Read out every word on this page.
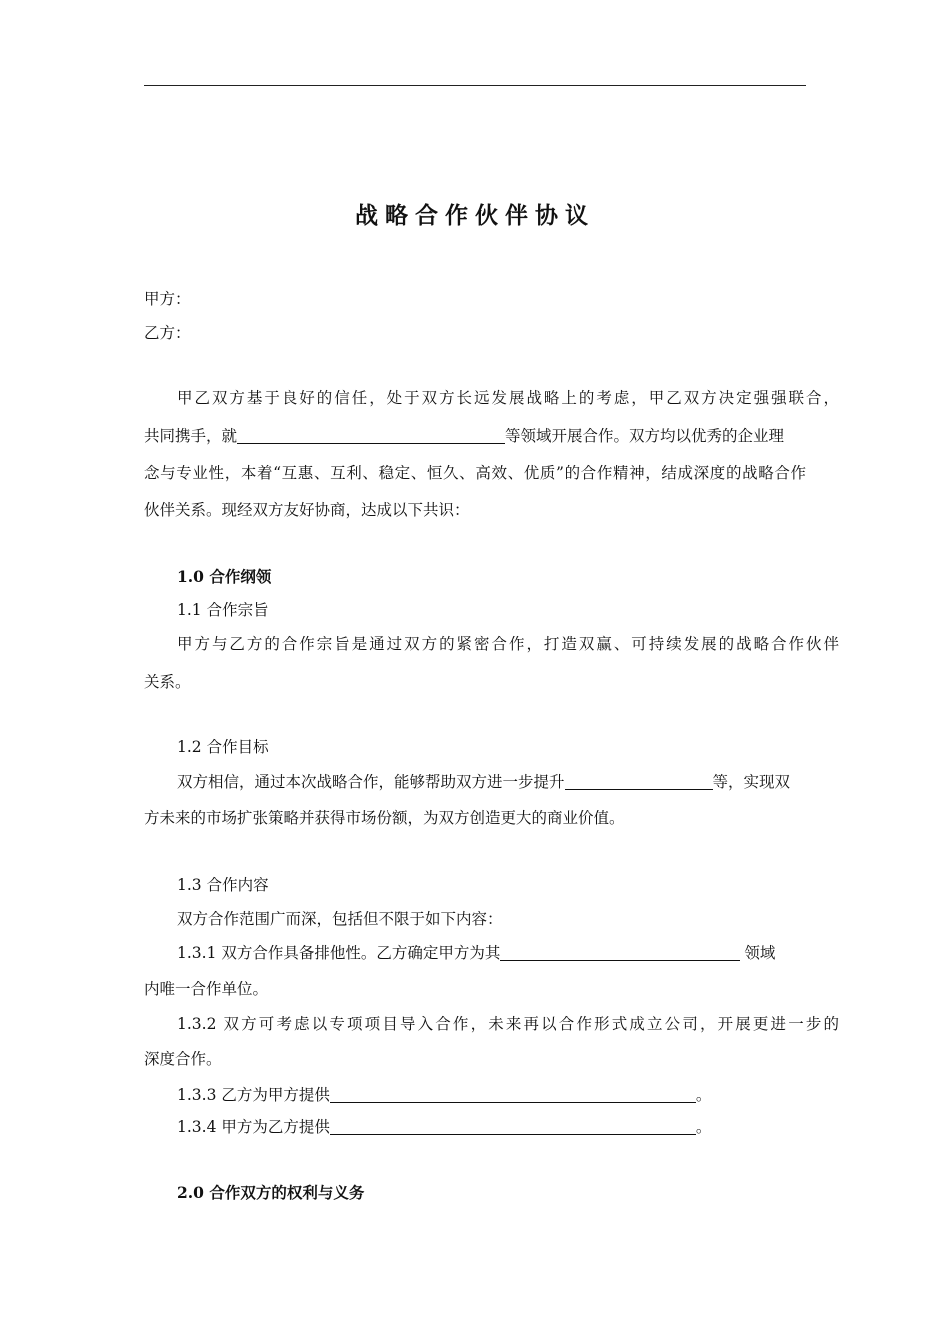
战略合作伙伴协议
甲方：
乙方：
甲乙双方基于良好的信任，处于双方长远发展战略上的考虑，甲乙双方决定强强联合，
共同携手，就	等领域开展合作。双方均以优秀的企业理
念与专业性，本着“互惠、互利、稳定、恒久、高效、优质”的合作精神，结成深度的战略合作
伙伴关系。现经双方友好协商，达成以下共识：
1.0 合作纲领
1.1 合作宗旨
甲方与乙方的合作宗旨是通过双方的紧密合作，打造双赢、可持续发展的战略合作伙伴
关系。
1.2 合作目标
双方相信，通过本次战略合作，能够帮助双方进一步提升	等，实现双
方未来的市场扩张策略并获得市场份额，为双方创造更大的商业价值。
1.3 合作内容
双方合作范围广而深，包括但不限于如下内容：
1.3.1 双方合作具备排他性。乙方确定甲方为其	领域
内唯一合作单位。
1.3.2 双方可考虑以专项项目导入合作，未来再以合作形式成立公司，开展更进一步的
深度合作。
1.3.3 乙方为甲方提供	。
1.3.4 甲方为乙方提供	。
2.0 合作双方的权利与义务
